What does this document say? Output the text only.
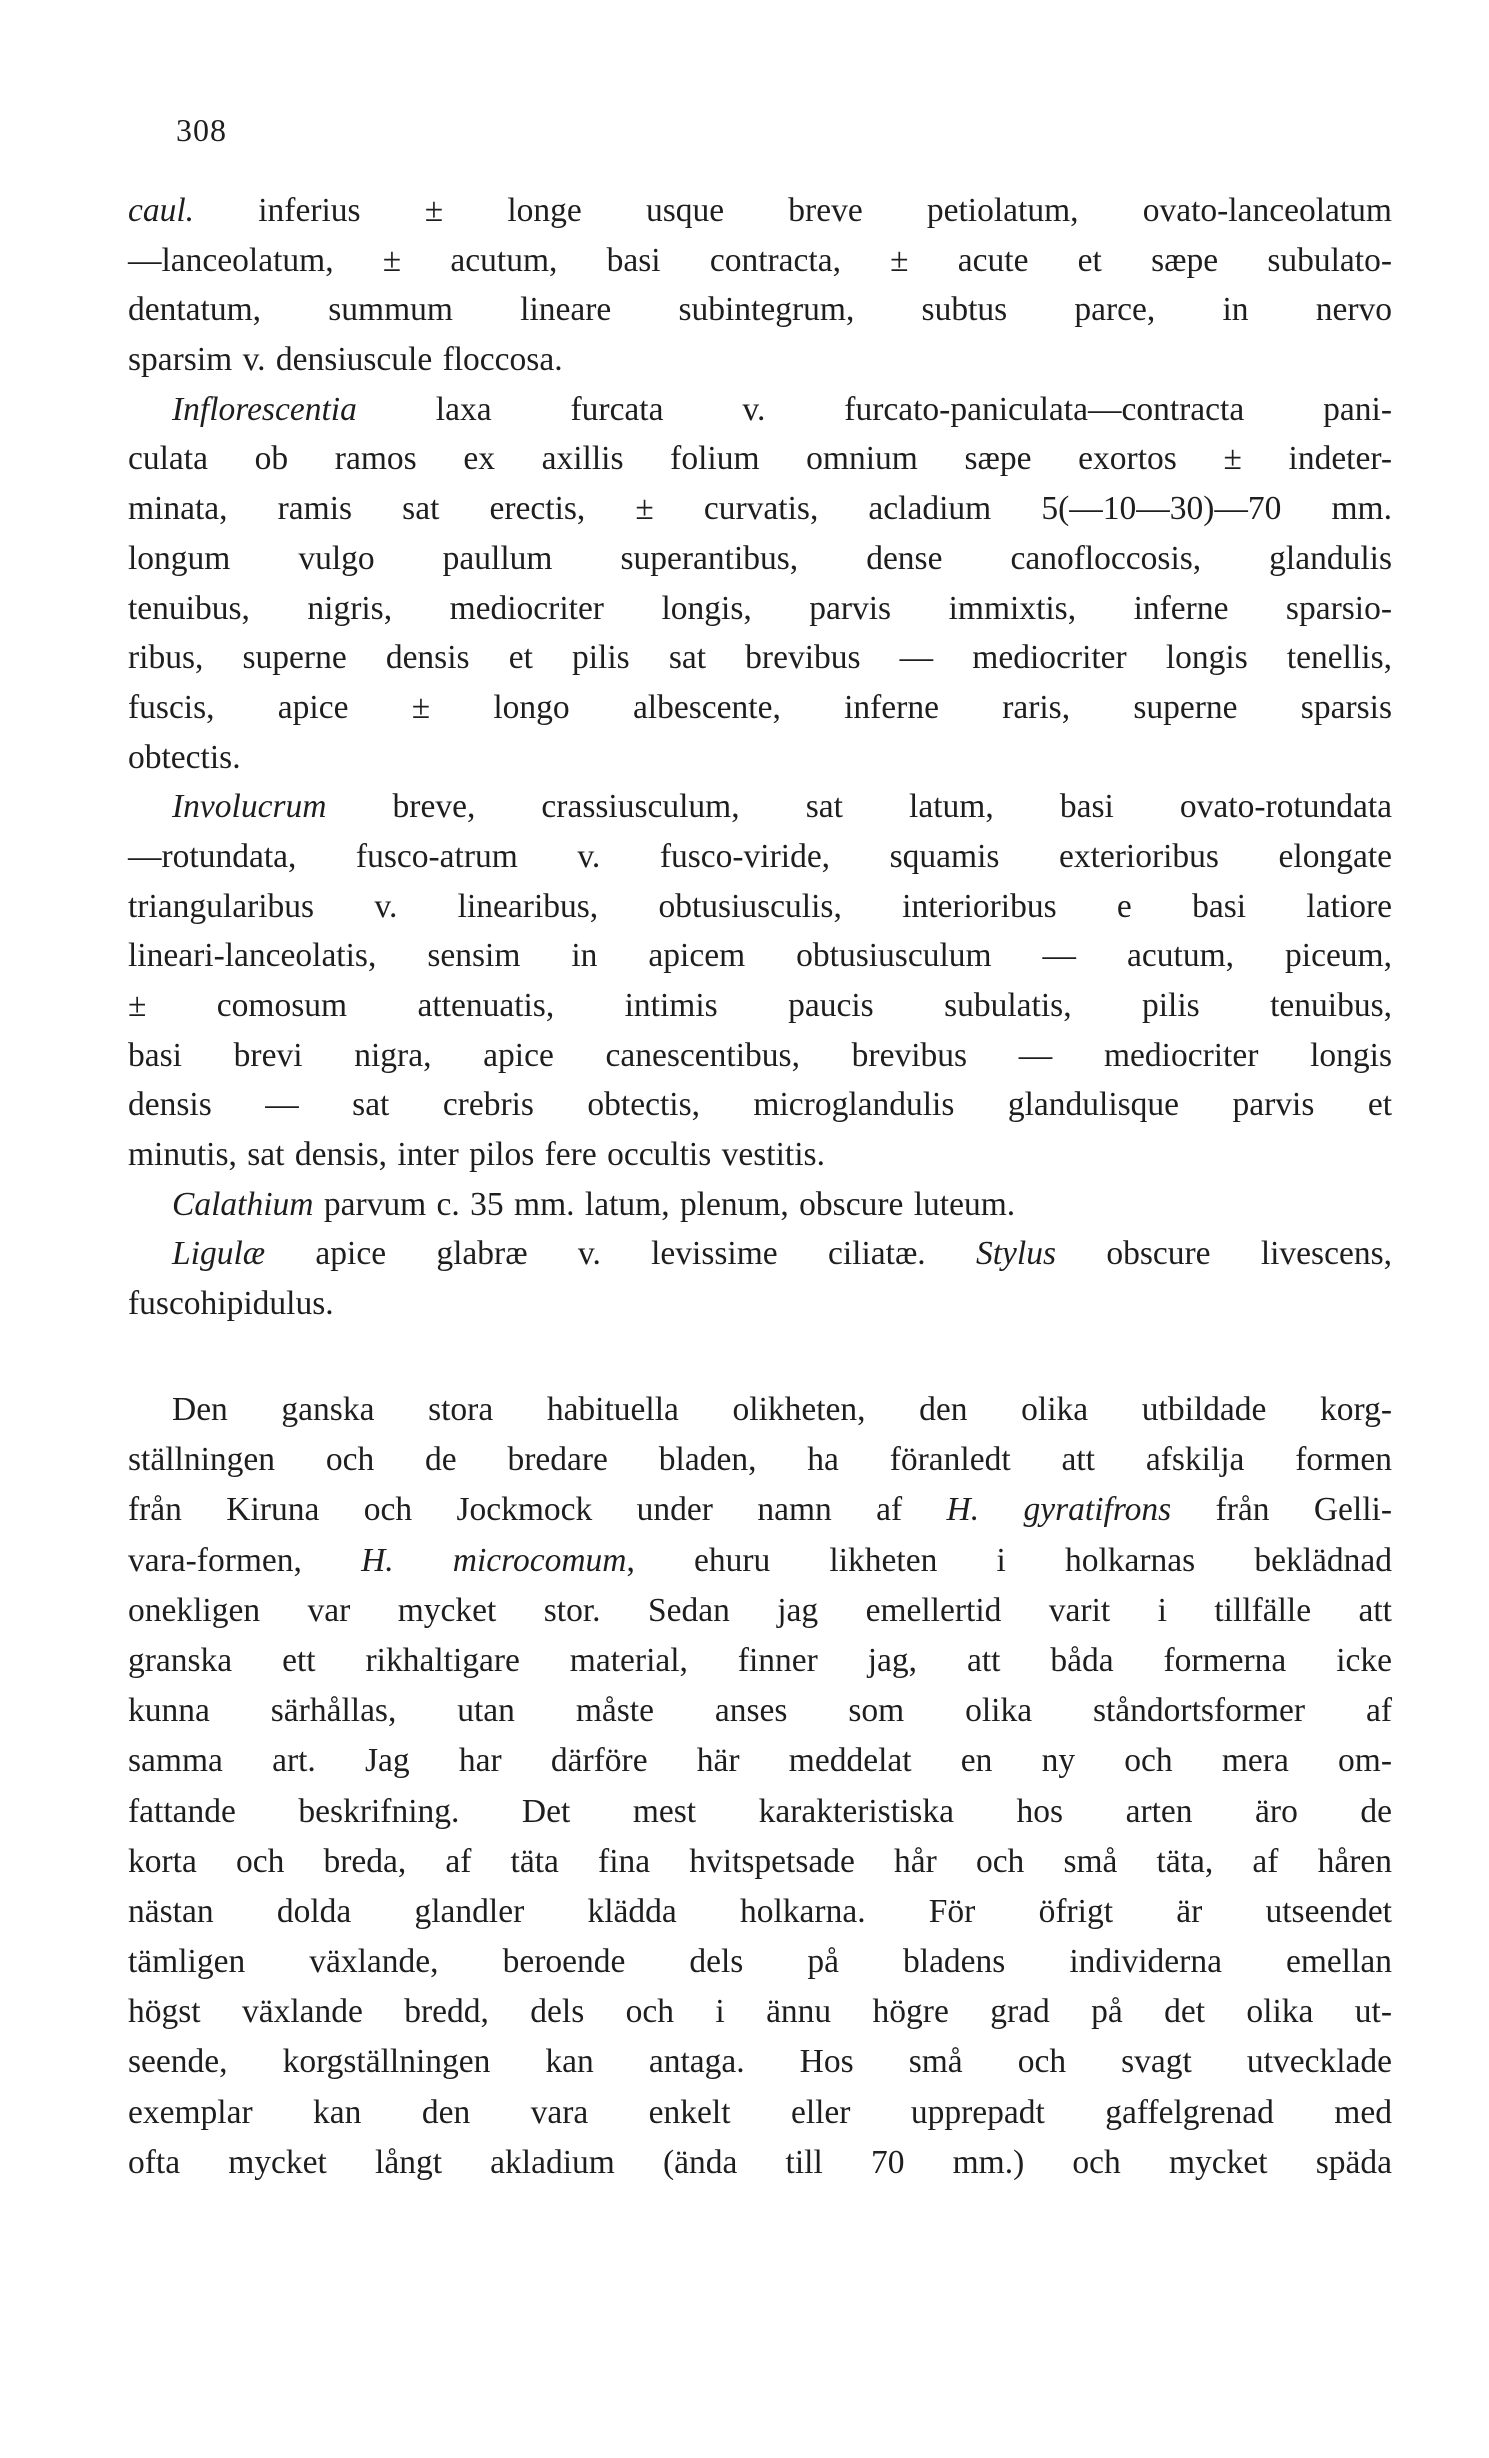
308
caul. inferius ± longe usque breve petiolatum, ovato-lanceolatum
—lanceolatum, ± acutum, basi contracta, ± acute et sæpe subulato-
dentatum, summum lineare subintegrum, subtus parce, in nervo
sparsim v. densiuscule floccosa.
Inflorescentia laxa furcata v. furcato-paniculata—contracta pani-
culata ob ramos ex axillis folium omnium sæpe exortos ± indeter-
minata, ramis sat erectis, ± curvatis, acladium 5(—10—30)—70 mm.
longum vulgo paullum superantibus, dense canofloccosis, glandulis
tenuibus, nigris, mediocriter longis, parvis immixtis, inferne sparsio-
ribus, superne densis et pilis sat brevibus — mediocriter longis tenellis,
fuscis, apice ± longo albescente, inferne raris, superne sparsis
obtectis.
Involucrum breve, crassiusculum, sat latum, basi ovato-rotundata
—rotundata, fusco-atrum v. fusco-viride, squamis exterioribus elongate
triangularibus v. linearibus, obtusiusculis, interioribus e basi latiore
lineari-lanceolatis, sensim in apicem obtusiusculum — acutum, piceum,
± comosum attenuatis, intimis paucis subulatis, pilis tenuibus,
basi brevi nigra, apice canescentibus, brevibus — mediocriter longis
densis — sat crebris obtectis, microglandulis glandulisque parvis et
minutis, sat densis, inter pilos fere occultis vestitis.
Calathium parvum c. 35 mm. latum, plenum, obscure luteum.
Ligulæ apice glabræ v. levissime ciliatæ. Stylus obscure livescens,
fuscohipidulus.
Den ganska stora habituella olikheten, den olika utbildade korg-
ställningen och de bredare bladen, ha föranledt att afskilja formen
från Kiruna och Jockmock under namn af H. gyratifrons från Gelli-
vara-formen, H. microcomum, ehuru likheten i holkarnas beklädnad
onekligen var mycket stor. Sedan jag emellertid varit i tillfälle att
granska ett rikhaltigare material, finner jag, att båda formerna icke
kunna särhållas, utan måste anses som olika ståndortsformer af
samma art. Jag har därföre här meddelat en ny och mera om-
fattande beskrifning. Det mest karakteristiska hos arten äro de
korta och breda, af täta fina hvitspetsade hår och små täta, af håren
nästan dolda glandler klädda holkarna. För öfrigt är utseendet
tämligen växlande, beroende dels på bladens individerna emellan
högst växlande bredd, dels och i ännu högre grad på det olika ut-
seende, korgställningen kan antaga. Hos små och svagt utvecklade
exemplar kan den vara enkelt eller upprepadt gaffelgrenad med
ofta mycket långt akladium (ända till 70 mm.) och mycket späda
